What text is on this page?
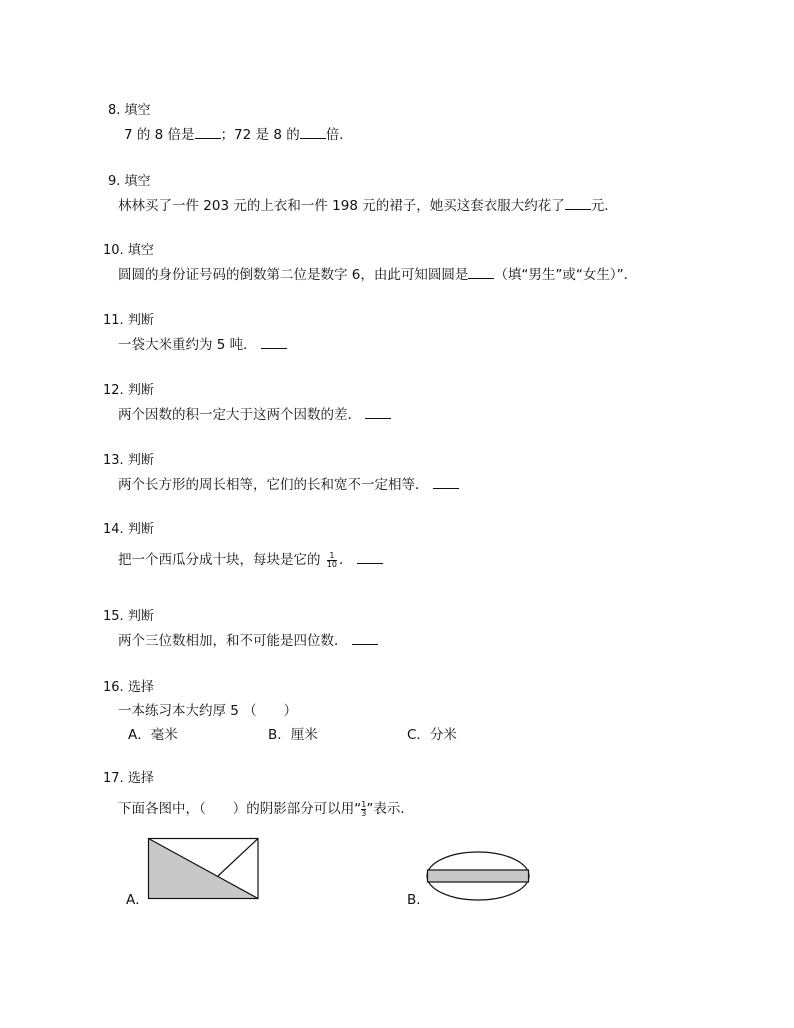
8. 填空
7 的 8 倍是 ；72 是 8 的 倍．
9. 填空
林林买了一件 203 元的上衣和一件 198 元的裙子，她买这套衣服大约花了 元．
10. 填空
圆圆的身份证号码的倒数第二位是数字 6，由此可知圆圆是 （填“男生”或“女生）”．
11. 判断
一袋大米重约为 5 吨．
12. 判断
两个因数的积一定大于这两个因数的差．
13. 判断
两个长方形的周长相等，它们的长和宽不一定相等．
14. 判断
把一个西瓜分成十块，每块是它的 $\frac{1}{10}$ ．
15. 判断
两个三位数相加，和不可能是四位数．
16. 选择
一本练习本大约厚 5 （　　）
A．毫米	B．厘米	C．分米
17. 选择
下面各图中，（　　）的阴影部分可以用“ $\frac{1}{3}$ ”表示．
A．	B．
